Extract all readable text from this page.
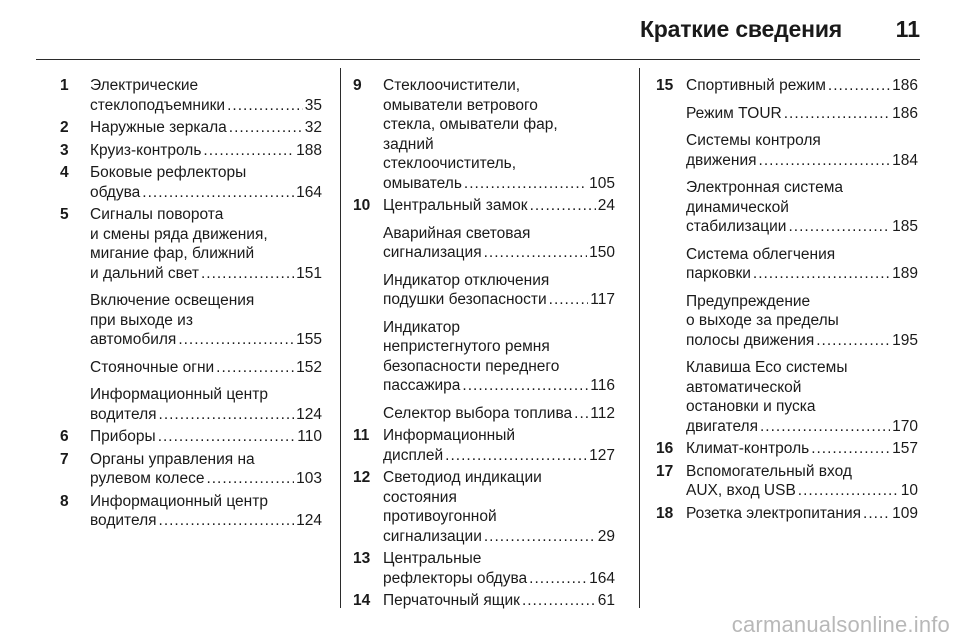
Краткие сведения 11
1 Электрические
стеклоподъемники .....	35
2 Наружные зеркала .....	32
3 Круиз-контроль .....	188
4 Боковые рефлекторы
обдува .....	164
5 Сигналы поворота
и смены ряда движения,
мигание фар, ближний
и дальний свет .....	151
Включение освещения
при выходе из
автомобиля .....	155
Стояночные огни .....	152
Информационный центр
водителя .....	124
6 Приборы .....	110
7 Органы управления на
рулевом колесе .....	103
8 Информационный центр
водителя .....	124
9 Стеклоочистители,
омыватели ветрового
стекла, омыватели фар,
задний
стеклоочиститель,
омыватель .....	105
10 Центральный замок .....	24
Аварийная световая
сигнализация .....	150
Индикатор отключения
подушки безопасности .....	117
Индикатор
непристегнутого ремня
безопасности переднего
пассажира .....	116
Селектор выбора топлива ..... 112
11 Информационный
дисплей .....	127
12 Светодиод индикации
состояния
противоугонной
сигнализации .....	29
13 Центральные
рефлекторы обдува .....	164
14 Перчаточный ящик .....	61
15 Спортивный режим .....	186
Режим TOUR .....	186
Системы контроля
движения .....	184
Электронная система
динамической
стабилизации .....	185
Система облегчения
парковки .....	189
Предупреждение
о выходе за пределы
полосы движения .....	195
Клавиша Eco системы
автоматической
остановки и пуска
двигателя .....	170
16 Климат-контроль .....	157
17 Вспомогательный вход
AUX, вход USB .....	10
18 Розетка электропитания ..... 109
carmanualsonline.info
